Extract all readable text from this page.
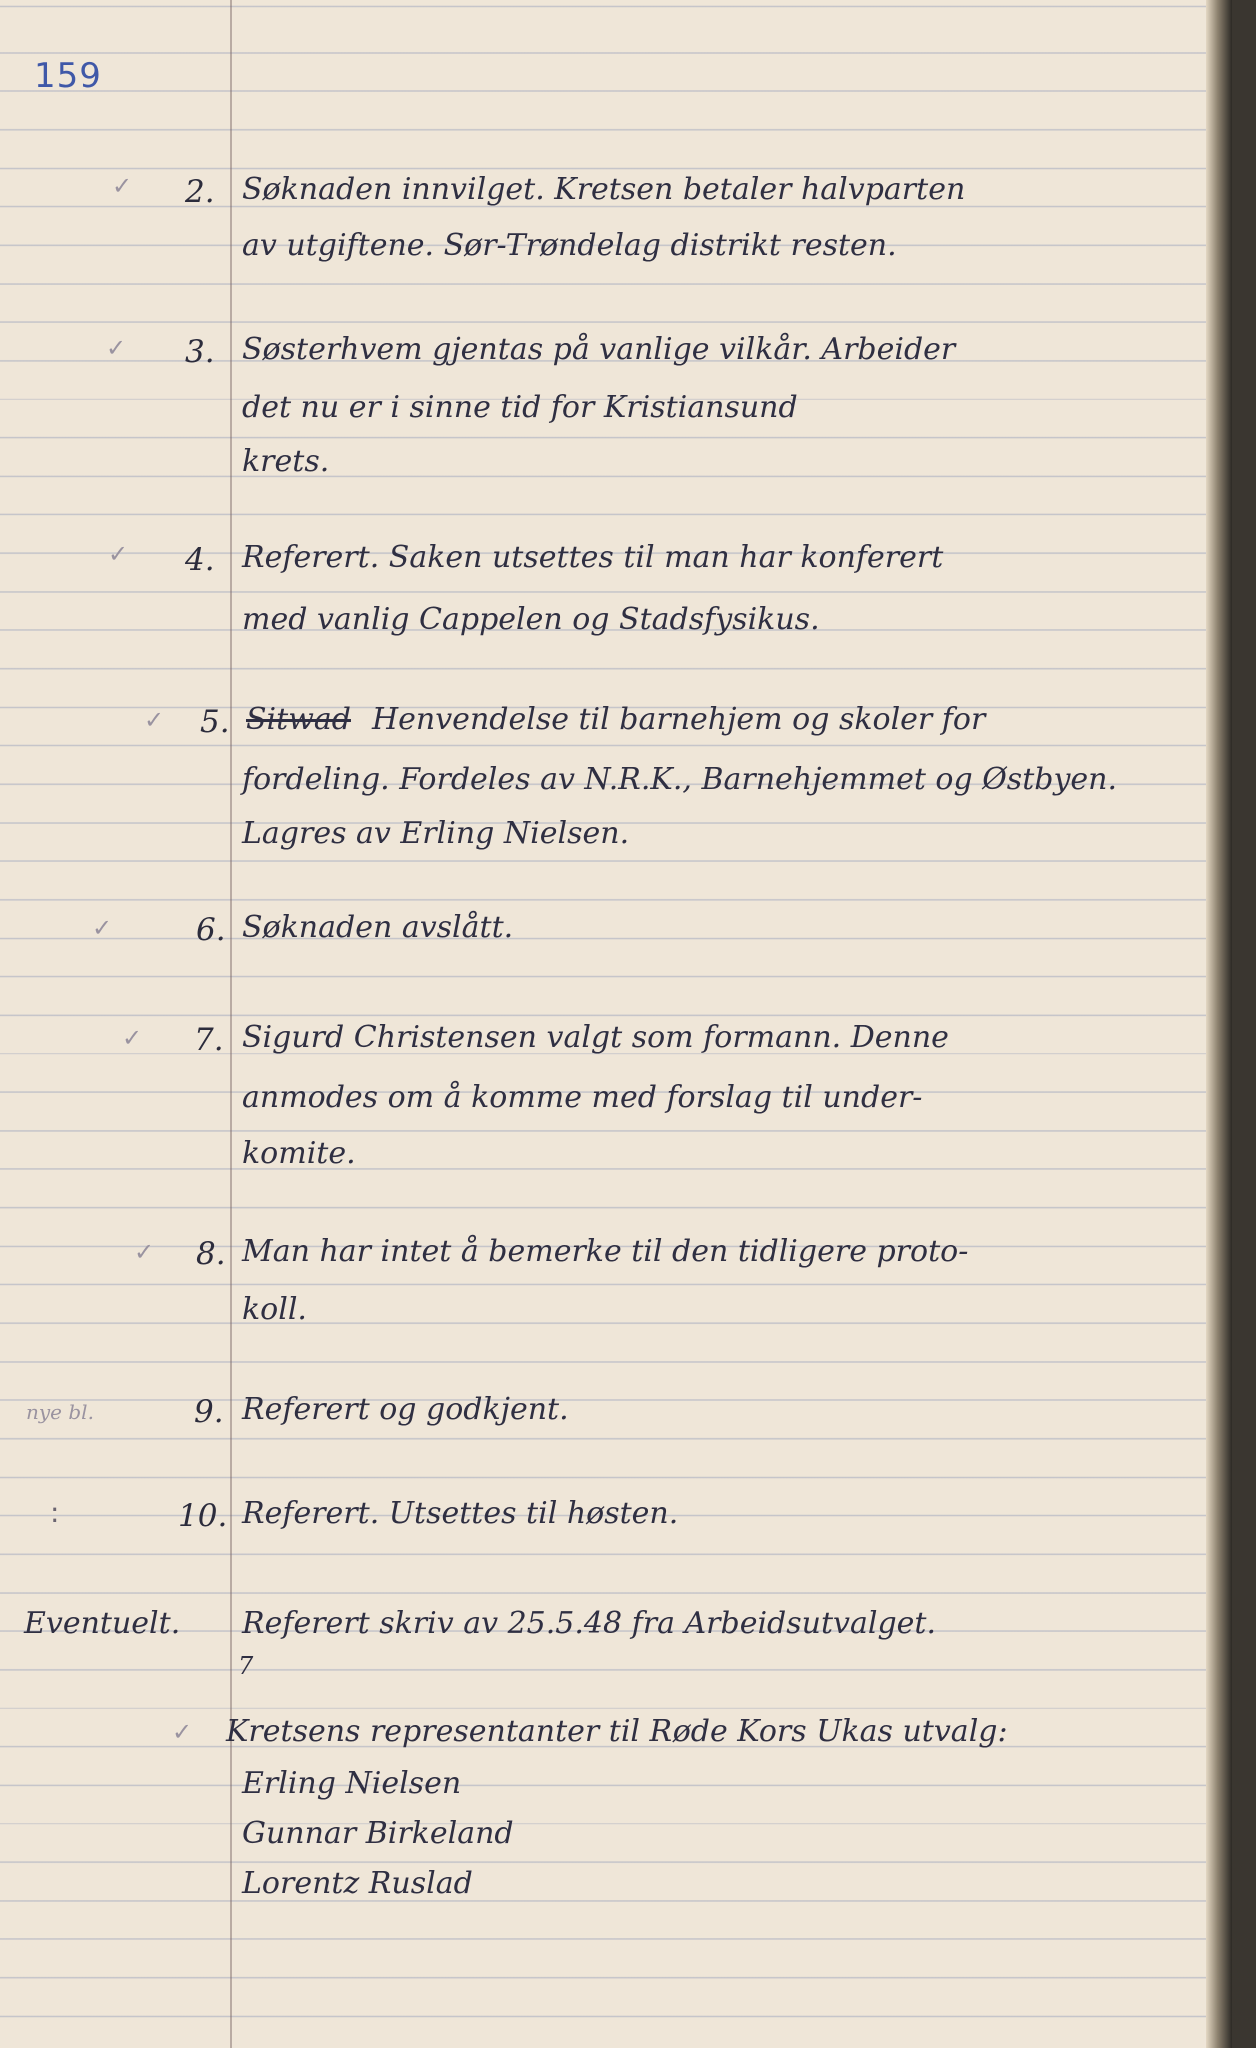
159
✓ 2. Søknaden innvilget. Kretsen betaler halvparten
av utgiftene. Sør-Trøndelag distrikt resten.
✓ 3. Søsterhvem gjentas på vanlige vilkår. Arbeider
det nu er i sinne tid for Kristiansund
krets.
✓ 4. Referert. Saken utsettes til man har konferert
med vanlig Cappelen og Stadsfysikus.
✓ 5. Sitwad Henvendelse til barnehjem og skoler for
fordeling. Fordeles av N.R.K., Barnehjemmet og Østbyen.
Lagres av Erling Nielsen.
✓	6. Søknaden avslått.
✓ 7. Sigurd Christensen valgt som formann. Denne
anmodes om å komme med forslag til under-
komite.
✓ 8. Man har intet å bemerke til den tidligere proto-
koll.
nye bl.	9. Referert og godkjent.
:	10. Referert. Utsettes til høsten.
Eventuelt. Referert skriv av 25.5.48 fra Arbeidsutvalget.
7
✓ Kretsens representanter til Røde Kors Ukas utvalg:
Erling Nielsen
Gunnar Birkeland
Lorentz Ruslad
